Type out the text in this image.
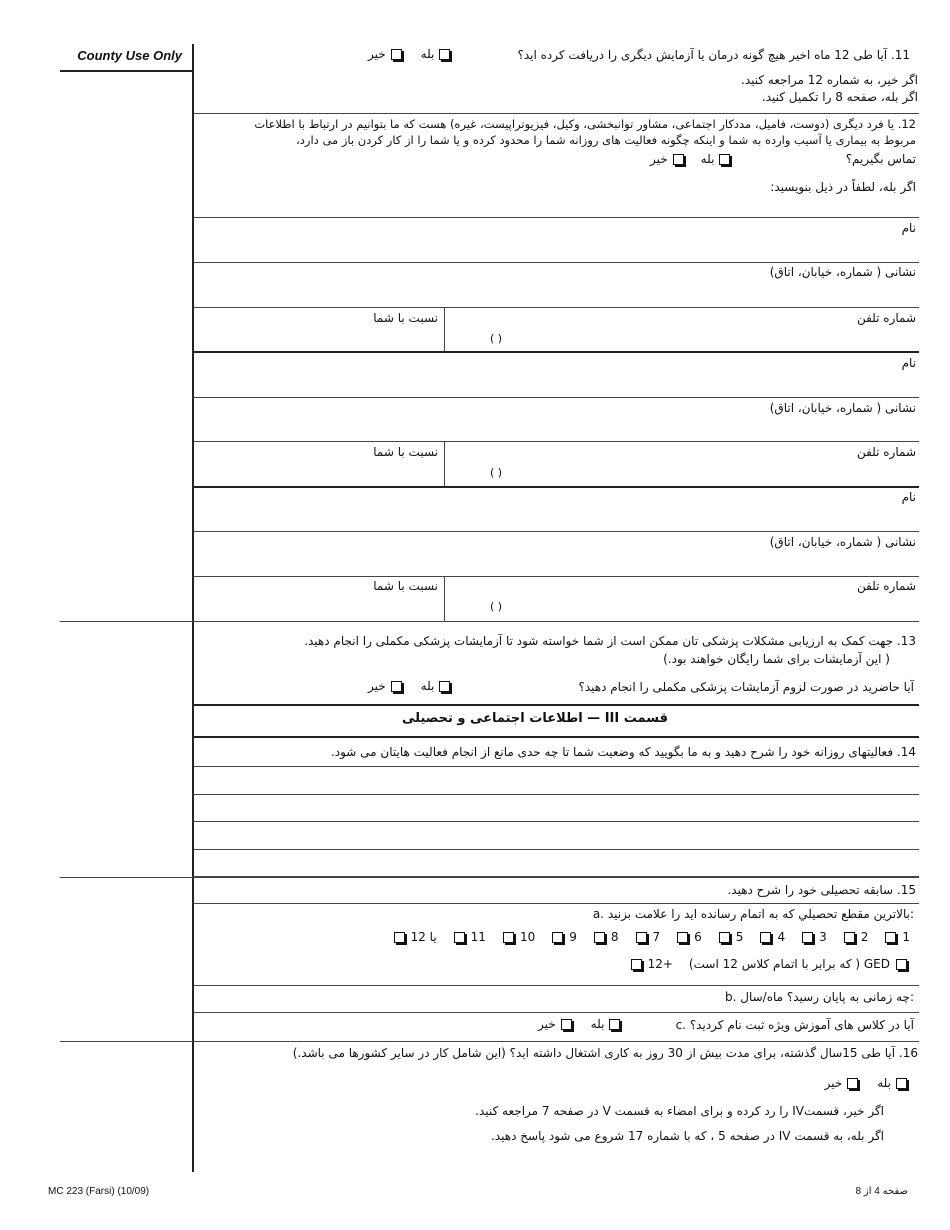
County Use Only	11. آیا طی 12 ماه اخیر هیچ گونه درمان یا آزمایش دیگری را دریافت کرده اید؟
بله
خیر
اگر خیر، به شماره 12 مراجعه کنید.
اگر بله، صفحه 8 را تکمیل کنید.
12. یا فرد دیگری (دوست، فامیل، مددکار اجتماعی، مشاور توانبخشی، وکیل، فیزیوتراپیست، غیره) هست که ما بتوانیم در ارتباط با اطلاعات
مربوط به بیماری یا آسیب وارده به شما و اینکه چگونه فعالیت های روزانه شما را محدود کرده و یا شما را از کار کردن باز می دارد،
تماس بگیریم؟
بله
خیر
اگر بله، لطفاً در ذیل بنویسید:
نام
نشانی ( شماره، خیابان، اتاق)
شماره تلفن
( )
نسبت با شما
نام
نشانی ( شماره، خیابان، اتاق)
شماره تلفن
( )
نسبت با شما
نام
نشانی ( شماره، خیابان، اتاق)
شماره تلفن
( )
نسبت با شما
13. جهت کمک به ارزیابی مشکلات پزشکی تان ممکن است از شما خواسته شود تا آزمایشات پزشکی مکملی را انجام دهید.
( این آزمایشات برای شما رایگان خواهند بود.)
آیا حاضرید در صورت لزوم آزمایشات پزشکی مکملی را انجام دهید؟
بله
خیر
قسمت III — اطلاعات اجتماعی و تحصیلی
14. فعالیتهای روزانه خود را شرح دهید و به ما بگویید که وضعیت شما تا چه حدی مانع از انجام فعالیت هایتان می شود.
15. سابقه تحصیلی خود را شرح دهید.
a. بالاترین مقطع تحصیلي که به اتمام رسانده اید را علامت بزنید:
1
2
3
4
5
6
7
8
9
10
11
12 یا
GED ( که برابر با اتمام کلاس 12 است)
12+
b. چه زمانی به پایان رسید؟ ماه/سال:
c. آیا در کلاس های آموزش ویژه ثبت نام کردید؟
بله
خیر
16. آیا طی 15سال گذشته، برای مدت بیش از 30 روز به کاری اشتغال داشته اید؟ (این شامل کار در سایر کشورها می باشد.)
بله
خیر
اگر خیر، قسمتIV را رد کرده و برای امضاء به قسمت V در صفحه 7 مراجعه کنید.
اگر بله، به قسمت IV در صفحه 5 ، که با شماره 17 شروع می شود پاسخ دهید.
MC 223 (Farsi) (10/09)	صفحه 4 از 8
